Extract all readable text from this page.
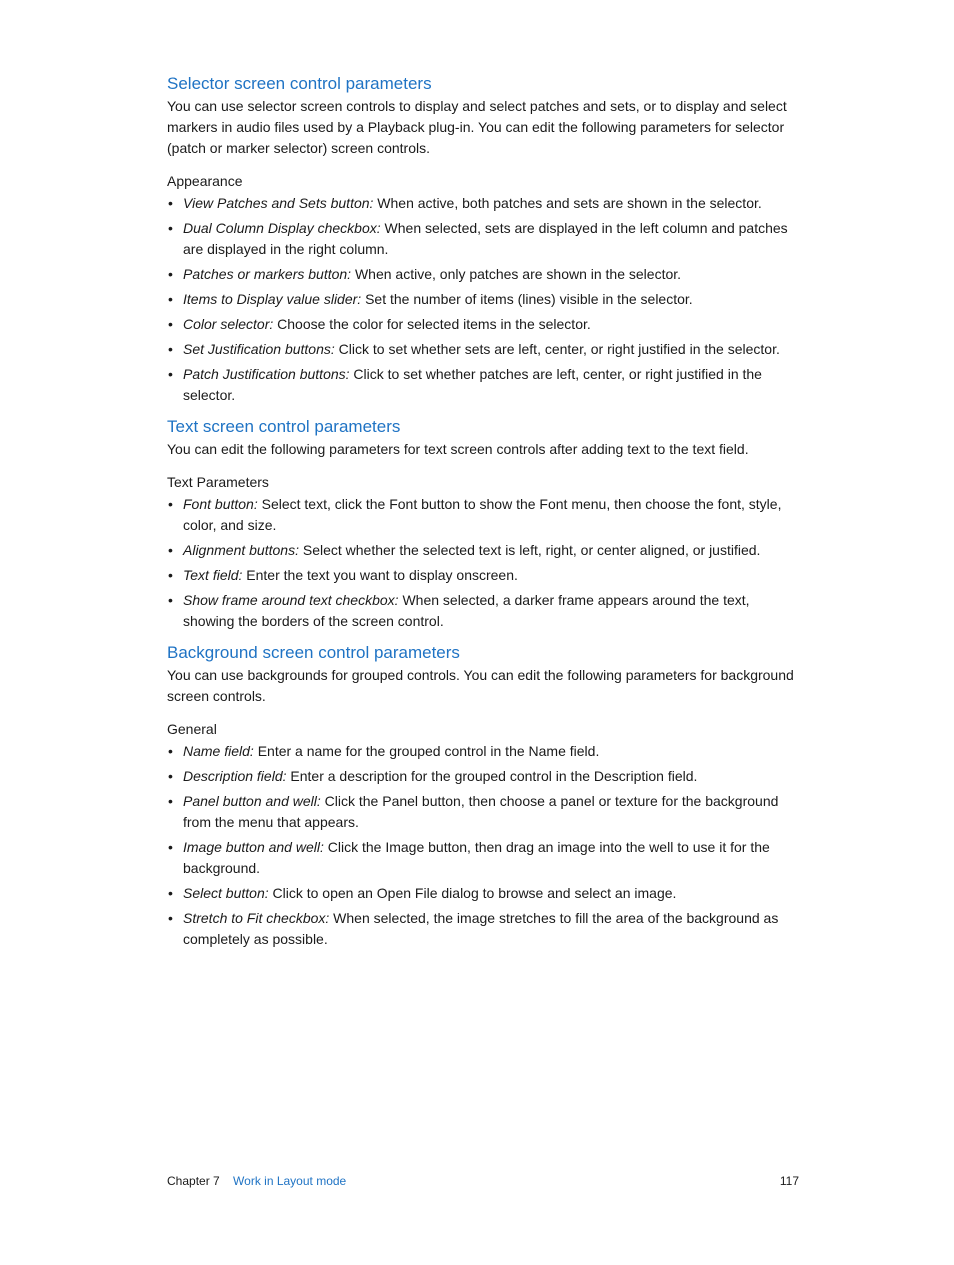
Selector screen control parameters

You can use selector screen controls to display and select patches and sets, or to display and select markers in audio files used by a Playback plug-in. You can edit the following parameters for selector (patch or marker selector) screen controls.

Appearance
• View Patches and Sets button: When active, both patches and sets are shown in the selector.
• Dual Column Display checkbox: When selected, sets are displayed in the left column and patches are displayed in the right column.
• Patches or markers button: When active, only patches are shown in the selector.
• Items to Display value slider: Set the number of items (lines) visible in the selector.
• Color selector: Choose the color for selected items in the selector.
• Set Justification buttons: Click to set whether sets are left, center, or right justified in the selector.
• Patch Justification buttons: Click to set whether patches are left, center, or right justified in the selector.
Text screen control parameters

You can edit the following parameters for text screen controls after adding text to the text field.

Text Parameters
• Font button: Select text, click the Font button to show the Font menu, then choose the font, style, color, and size.
• Alignment buttons: Select whether the selected text is left, right, or center aligned, or justified.
• Text field: Enter the text you want to display onscreen.
• Show frame around text checkbox: When selected, a darker frame appears around the text, showing the borders of the screen control.
Background screen control parameters

You can use backgrounds for grouped controls. You can edit the following parameters for background screen controls.

General
• Name field: Enter a name for the grouped control in the Name field.
• Description field: Enter a description for the grouped control in the Description field.
• Panel button and well: Click the Panel button, then choose a panel or texture for the background from the menu that appears.
• Image button and well: Click the Image button, then drag an image into the well to use it for the background.
• Select button: Click to open an Open File dialog to browse and select an image.
• Stretch to Fit checkbox: When selected, the image stretches to fill the area of the background as completely as possible.
Chapter 7 Work in Layout mode	117
